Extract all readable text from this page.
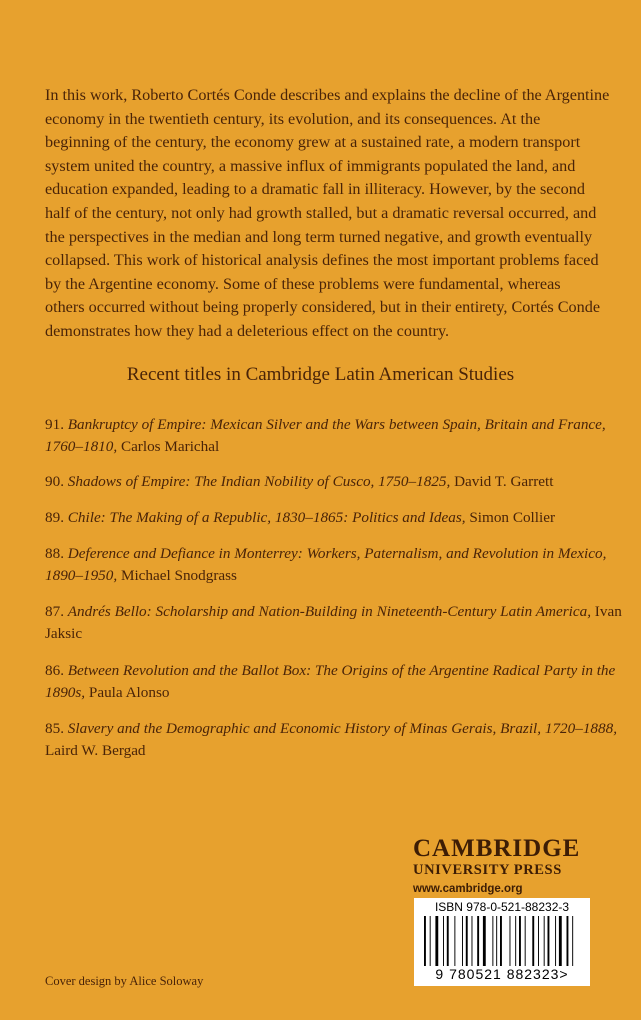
In this work, Roberto Cortés Conde describes and explains the decline of the Argentine
economy in the twentieth century, its evolution, and its consequences. At the
beginning of the century, the economy grew at a sustained rate, a modern transport
system united the country, a massive influx of immigrants populated the land, and
education expanded, leading to a dramatic fall in illiteracy. However, by the second
half of the century, not only had growth stalled, but a dramatic reversal occurred, and
the perspectives in the median and long term turned negative, and growth eventually
collapsed. This work of historical analysis defines the most important problems faced
by the Argentine economy. Some of these problems were fundamental, whereas
others occurred without being properly considered, but in their entirety, Cortés Conde
demonstrates how they had a deleterious effect on the country.
Recent titles in Cambridge Latin American Studies

91. Bankruptcy of Empire: Mexican Silver and the Wars between Spain, Britain and France,
1760–1810, Carlos Marichal

90. Shadows of Empire: The Indian Nobility of Cusco, 1750–1825, David T. Garrett

89. Chile: The Making of a Republic, 1830–1865: Politics and Ideas, Simon Collier

88. Deference and Defiance in Monterrey: Workers, Paternalism, and Revolution in Mexico,
1890–1950, Michael Snodgrass

87. Andrés Bello: Scholarship and Nation-Building in Nineteenth-Century Latin America, Ivan
Jaksic

86. Between Revolution and the Ballot Box: The Origins of the Argentine Radical Party in the
1890s, Paula Alonso

85. Slavery and the Demographic and Economic History of Minas Gerais, Brazil, 1720–1888,
Laird W. Bergad

CAMBRIDGE
UNIVERSITY PRESS
www.cambridge.org
ISBN 978-0-521-88232-3
9 780521 882323>

Cover design by Alice Soloway
